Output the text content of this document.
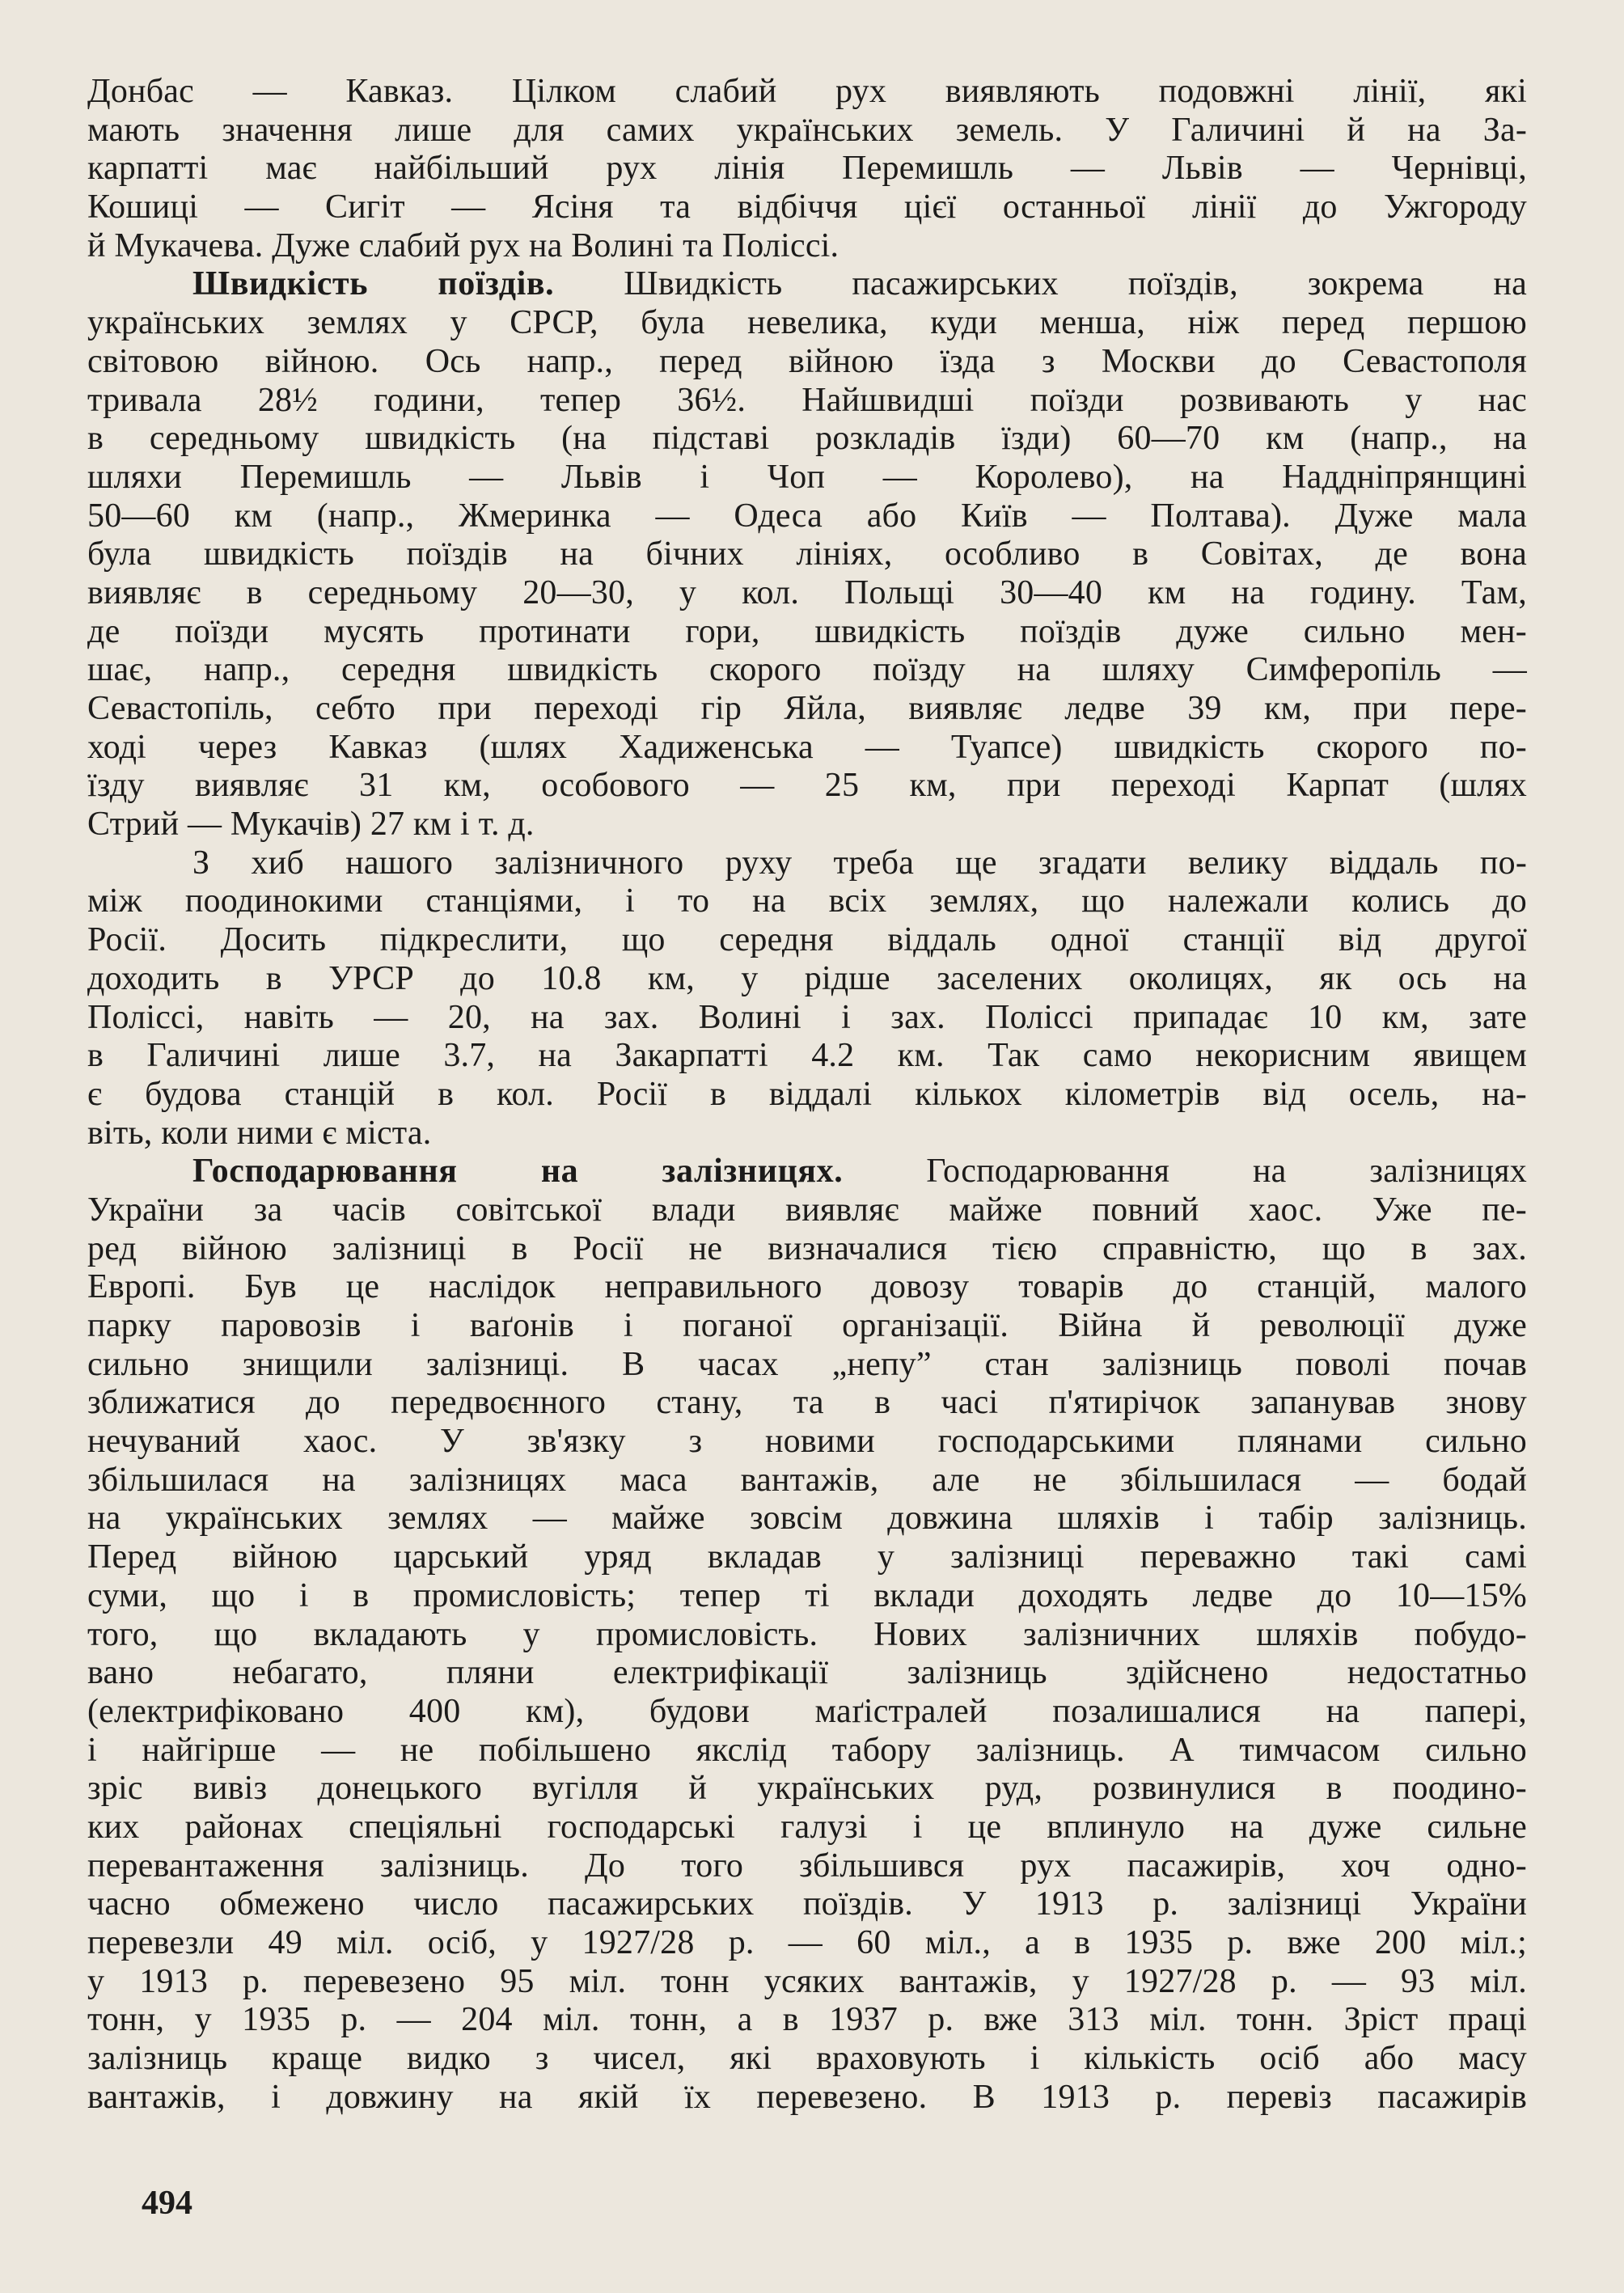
Донбас — Кавказ. Цілком слабий рух виявляють подовжні лінії, які
мають значення лише для самих українських земель. У Галичині й на За-
карпатті має найбільший рух лінія Перемишль — Львів — Чернівці,
Кошиці — Сигіт — Ясіня та відбіччя цієї останньої лінії до Ужгороду
й Мукачева. Дуже слабий рух на Волині та Поліссі.
Швидкість поїздів. Швидкість пасажирських поїздів, зокрема на
українських землях у СРСР, була невелика, куди менша, ніж перед першою
світовою війною. Ось напр., перед війною їзда з Москви до Севастополя
тривала 28½ години, тепер 36½. Найшвидші поїзди розвивають у нас
в середньому швидкість (на підставі розкладів їзди) 60—70 км (напр., на
шляхи Перемишль — Львів і Чоп — Королево), на Наддніпрянщині
50—60 км (напр., Жмеринка — Одеса або Київ — Полтава). Дуже мала
була швидкість поїздів на бічних лініях, особливо в Совітах, де вона
виявляє в середньому 20—30, у кол. Польщі 30—40 км на годину. Там,
де поїзди мусять протинати гори, швидкість поїздів дуже сильно мен-
шає, напр., середня швидкість скорого поїзду на шляху Симферопіль —
Севастопіль, себто при переході гір Яйла, виявляє ледве 39 км, при пере-
ході через Кавказ (шлях Хадиженська — Туапсе) швидкість скорого по-
їзду виявляє 31 км, особового — 25 км, при переході Карпат (шлях
Стрий — Мукачів) 27 км і т. д.
З хиб нашого залізничного руху треба ще згадати велику віддаль по-
між поодинокими станціями, і то на всіх землях, що належали колись до
Росії. Досить підкреслити, що середня віддаль одної станції від другої
доходить в УРСР до 10.8 км, у рідше заселених околицях, як ось на
Поліссі, навіть — 20, на зах. Волині і зах. Поліссі припадає 10 км, зате
в Галичині лише 3.7, на Закарпатті 4.2 км. Так само некорисним явищем
є будова станцій в кол. Росії в віддалі кількох кілометрів від осель, на-
віть, коли ними є міста.
Господарювання на залізницях. Господарювання на залізницях
України за часів совітської влади виявляє майже повний хаос. Уже пе-
ред війною залізниці в Росії не визначалися тією справністю, що в зах.
Европі. Був це наслідок неправильного довозу товарів до станцій, малого
парку паровозів і ваґонів і поганої організації. Війна й революції дуже
сильно знищили залізниці. В часах „непу” стан залізниць поволі почав
зближатися до передвоєнного стану, та в часі п'ятирічок запанував знову
нечуваний хаос. У зв'язку з новими господарськими плянами сильно
збільшилася на залізницях маса вантажів, але не збільшилася — бодай
на українських землях — майже зовсім довжина шляхів і табір залізниць.
Перед війною царський уряд вкладав у залізниці переважно такі самі
суми, що і в промисловість; тепер ті вклади доходять ледве до 10—15%
того, що вкладають у промисловість. Нових залізничних шляхів побудо-
вано небагато, пляни електрифікації залізниць здійснено недостатньо
(електрифіковано 400 км), будови маґістралей позалишалися на папері,
і найгірше — не побільшено якслід табору залізниць. А тимчасом сильно
зріс вивіз донецького вугілля й українських руд, розвинулися в поодино-
ких районах спеціяльні господарські галузі і це вплинуло на дуже сильне
перевантаження залізниць. До того збільшився рух пасажирів, хоч одно-
часно обмежено число пасажирських поїздів. У 1913 р. залізниці України
перевезли 49 міл. осіб, у 1927/28 р. — 60 міл., а в 1935 р. вже 200 міл.;
у 1913 р. перевезено 95 міл. тонн усяких вантажів, у 1927/28 р. — 93 міл.
тонн, у 1935 р. — 204 міл. тонн, а в 1937 р. вже 313 міл. тонн. Зріст праці
залізниць краще видко з чисел, які враховують і кількість осіб або масу
вантажів, і довжину на якій їх перевезено. В 1913 р. перевіз пасажирів
494
